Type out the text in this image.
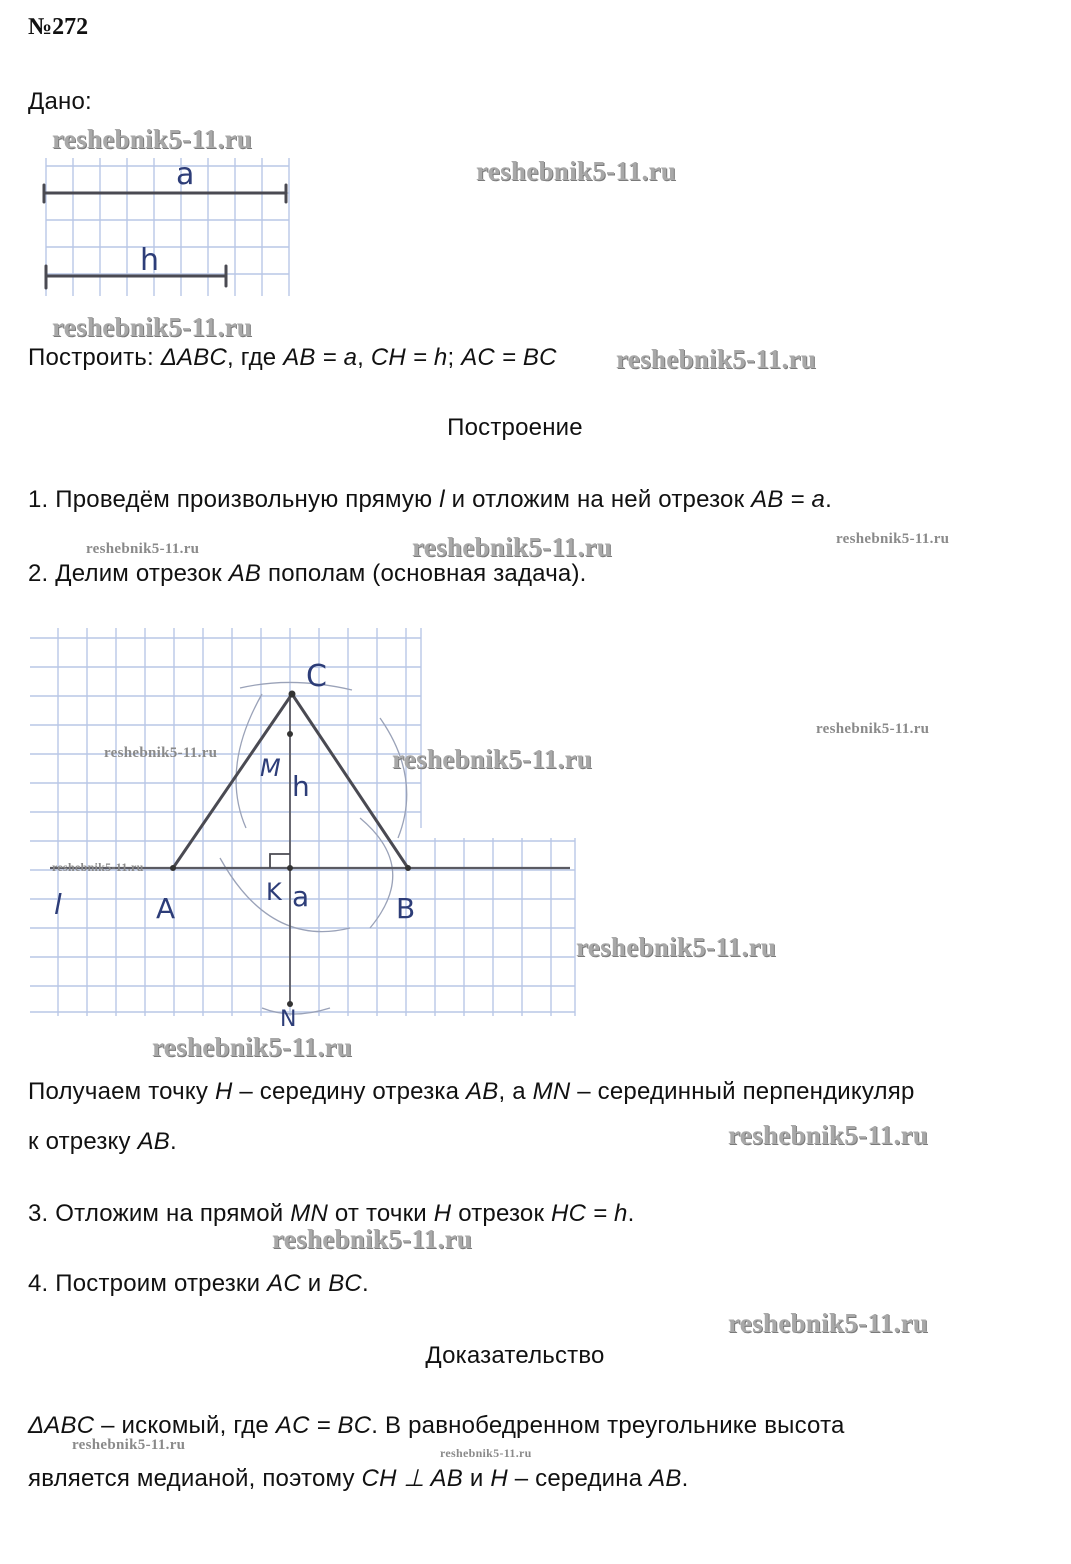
№272
Дано:
a
h
Построить: ΔABC, где AB = a, CH = h; AC = BC
Построение
1. Проведём произвольную прямую l и отложим на ней отрезок AB = a.
2. Делим отрезок AB пополам (основная задача).
C
M
h
l	A	K a	B
N
Получаем точку H – середину отрезка AB, а MN – серединный перпендикуляр
к отрезку AB.
3. Отложим на прямой MN от точки H отрезок HC = h.
4. Построим отрезки AC и BC.
Доказательство
ΔABC – искомый, где AC = BC. В равнобедренном треугольнике высота
является медианой, поэтому CH ⊥ AB и H – середина AB.
reshebnik5-11.ru
reshebnik5-11.ru
reshebnik5-11.ru
reshebnik5-11.ru
reshebnik5-11.ru	reshebnik5-11.ru	reshebnik5-11.ru
reshebnik5-11.ru	reshebnik5-11.ru
reshebnik5-11.ru
reshebnik5-11.ru
reshebnik5-11.ru
reshebnik5-11.ru
reshebnik5-11.ru
reshebnik5-11.ru
reshebnik5-11.ru
reshebnik5-11.ru	reshebnik5-11.ru
